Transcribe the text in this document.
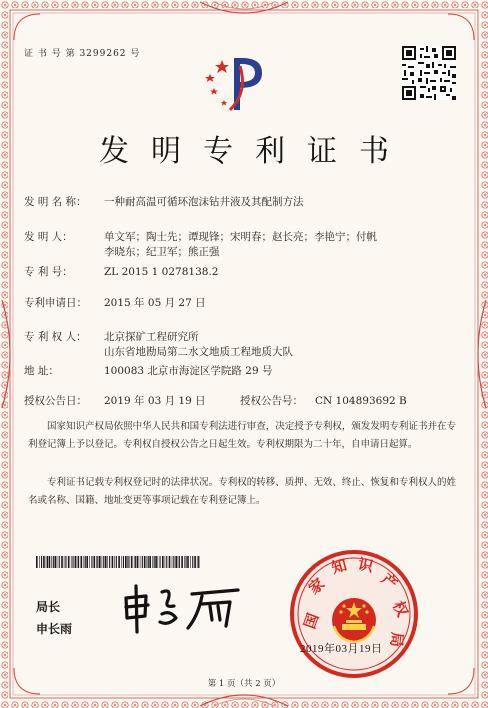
证 书 号 第 3299262 号
发明专利证书
发 明 名 称： 一种耐高温可循环泡沫钻井液及其配制方法
发 明 人：	单文军；陶士先；谭现锋；宋明春；赵长亮；李艳宁；付帆
李晓东；纪卫军；熊正强
专 利 号：	ZL 2015 1 0278138.2
专利申请日： 2015 年 05 月 27 日
专 利 权 人： 北京探矿工程研究所
山东省地勘局第二水文地质工程地质大队
地 址：	100083 北京市海淀区学院路 29 号
授权公告日： 2019 年 03 月 19 日	授权公告号： CN 104893692 B
国家知识产权局依照中华人民共和国专利法进行审查，决定授予专利权，颁发发明专利证书并在专利登记簿上予以登记。专利权自授权公告之日起生效。专利权期限为二十年，自申请日起算。
专利证书记载专利权登记时的法律状况。专利权的转移、质押、无效、终止、恢复和专利权人的姓名或名称、国籍、地址变更等事项记载在专利登记簿上。
局长
申长雨	国
家
知 识
产
权
局
2019年03月19日
第 1 页（共 2 页）
